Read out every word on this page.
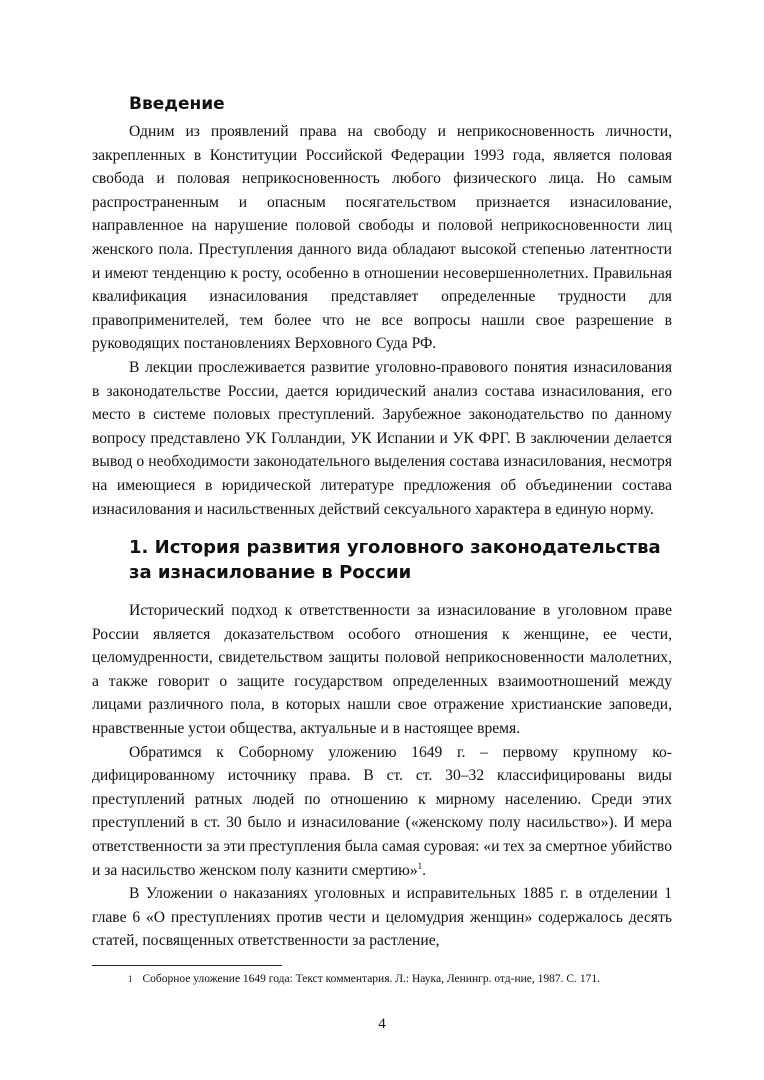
Введение

Одним из проявлений права на свободу и неприкосновенность личности, закрепленных в Конституции Российской Федерации 1993 года, является половая свобода и половая неприкосновенность любого физического лица. Но самым распространенным и опасным посягательством признается изнасилование, направленное на нарушение половой свободы и половой неприкосновенности лиц женского пола. Преступления данного вида обладают высокой степенью латентности и имеют тенденцию к росту, особенно в отношении несовершеннолетних. Правильная квалификация изнасилования представляет определенные трудности для правоприменителей, тем более что не все вопросы нашли свое разрешение в руководящих постановлениях Верховного Суда РФ.

В лекции прослеживается развитие уголовно-правового понятия изнасилования в законодательстве России, дается юридический анализ состава изнасилования, его место в системе половых преступлений. Зарубежное законодательство по данному вопросу представлено УК Голландии, УК Испании и УК ФРГ. В заключении делается вывод о необходимости законодательного выделения состава изнасилования, несмотря на имеющиеся в юридической литературе предложения об объединении состава изнасилования и насильственных действий сексуального характера в единую норму.

1. История развития уголовного законодательства за изнасилование в России

Исторический подход к ответственности за изнасилование в уголовном праве России является доказательством особого отношения к женщине, ее чести, целомудренности, свидетельством защиты половой неприкосновенности малолетних, а также говорит о защите государством определенных взаимоотношений между лицами различного пола, в которых нашли свое отражение христианские заповеди, нравственные устои общества, актуальные и в настоящее время.

Обратимся к Соборному уложению 1649 г. – первому крупному кодифицированному источнику права. В ст. ст. 30–32 классифицированы виды преступлений ратных людей по отношению к мирному населению. Среди этих преступлений в ст. 30 было и изнасилование («женскому полу насильство»). И мера ответственности за эти преступления была самая суровая: «и тех за смертное убийство и за насильство женском полу казнити смертию»$^1$.

В Уложении о наказаниях уголовных и исправительных 1885 г. в отделении 1 главе 6 «О преступлениях против чести и целомудрия женщин» содержалось десять статей, посвященных ответственности за растление,

1 Соборное уложение 1649 года: Текст комментария. Л.: Наука, Ленингр. отд-ние, 1987. С. 171.
4
